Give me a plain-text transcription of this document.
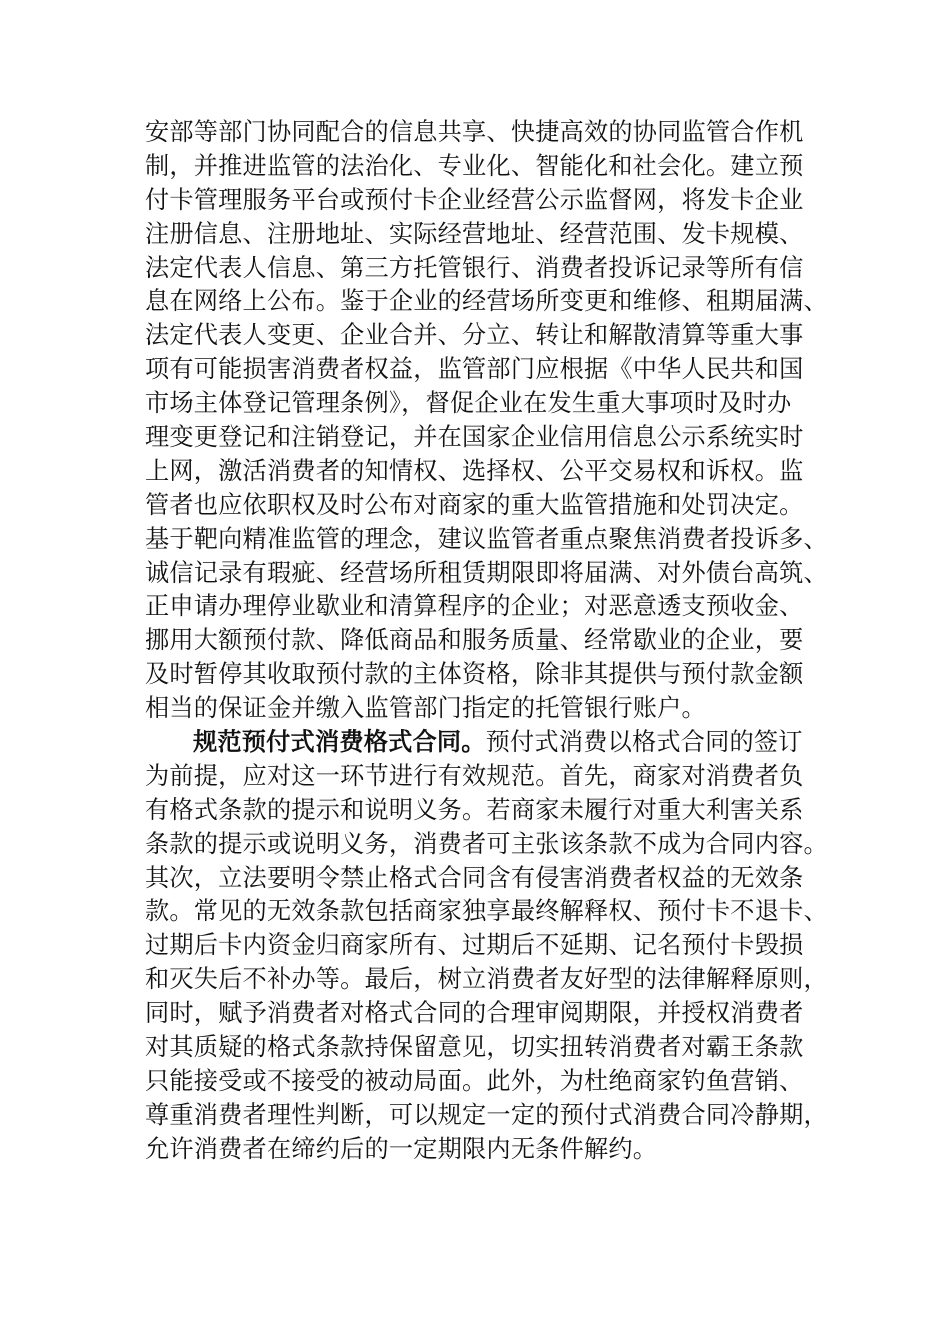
安部等部门协同配合的信息共享、快捷高效的协同监管合作机
制，并推进监管的法治化、专业化、智能化和社会化。建立预
付卡管理服务平台或预付卡企业经营公示监督网，将发卡企业
注册信息、注册地址、实际经营地址、经营范围、发卡规模、
法定代表人信息、第三方托管银行、消费者投诉记录等所有信
息在网络上公布。鉴于企业的经营场所变更和维修、租期届满、
法定代表人变更、企业合并、分立、转让和解散清算等重大事
项有可能损害消费者权益，监管部门应根据《中华人民共和国
市场主体登记管理条例》，督促企业在发生重大事项时及时办
理变更登记和注销登记，并在国家企业信用信息公示系统实时
上网，激活消费者的知情权、选择权、公平交易权和诉权。监
管者也应依职权及时公布对商家的重大监管措施和处罚决定。
基于靶向精准监管的理念，建议监管者重点聚焦消费者投诉多、
诚信记录有瑕疵、经营场所租赁期限即将届满、对外债台高筑、
正申请办理停业歇业和清算程序的企业；对恶意透支预收金、
挪用大额预付款、降低商品和服务质量、经常歇业的企业，要
及时暂停其收取预付款的主体资格，除非其提供与预付款金额
相当的保证金并缴入监管部门指定的托管银行账户。
规范预付式消费格式合同。预付式消费以格式合同的签订
为前提，应对这一环节进行有效规范。首先，商家对消费者负
有格式条款的提示和说明义务。若商家未履行对重大利害关系
条款的提示或说明义务，消费者可主张该条款不成为合同内容。
其次，立法要明令禁止格式合同含有侵害消费者权益的无效条
款。常见的无效条款包括商家独享最终解释权、预付卡不退卡、
过期后卡内资金归商家所有、过期后不延期、记名预付卡毁损
和灭失后不补办等。最后，树立消费者友好型的法律解释原则，
同时，赋予消费者对格式合同的合理审阅期限，并授权消费者
对其质疑的格式条款持保留意见，切实扭转消费者对霸王条款
只能接受或不接受的被动局面。此外，为杜绝商家钓鱼营销、
尊重消费者理性判断，可以规定一定的预付式消费合同冷静期，
允许消费者在缔约后的一定期限内无条件解约。
